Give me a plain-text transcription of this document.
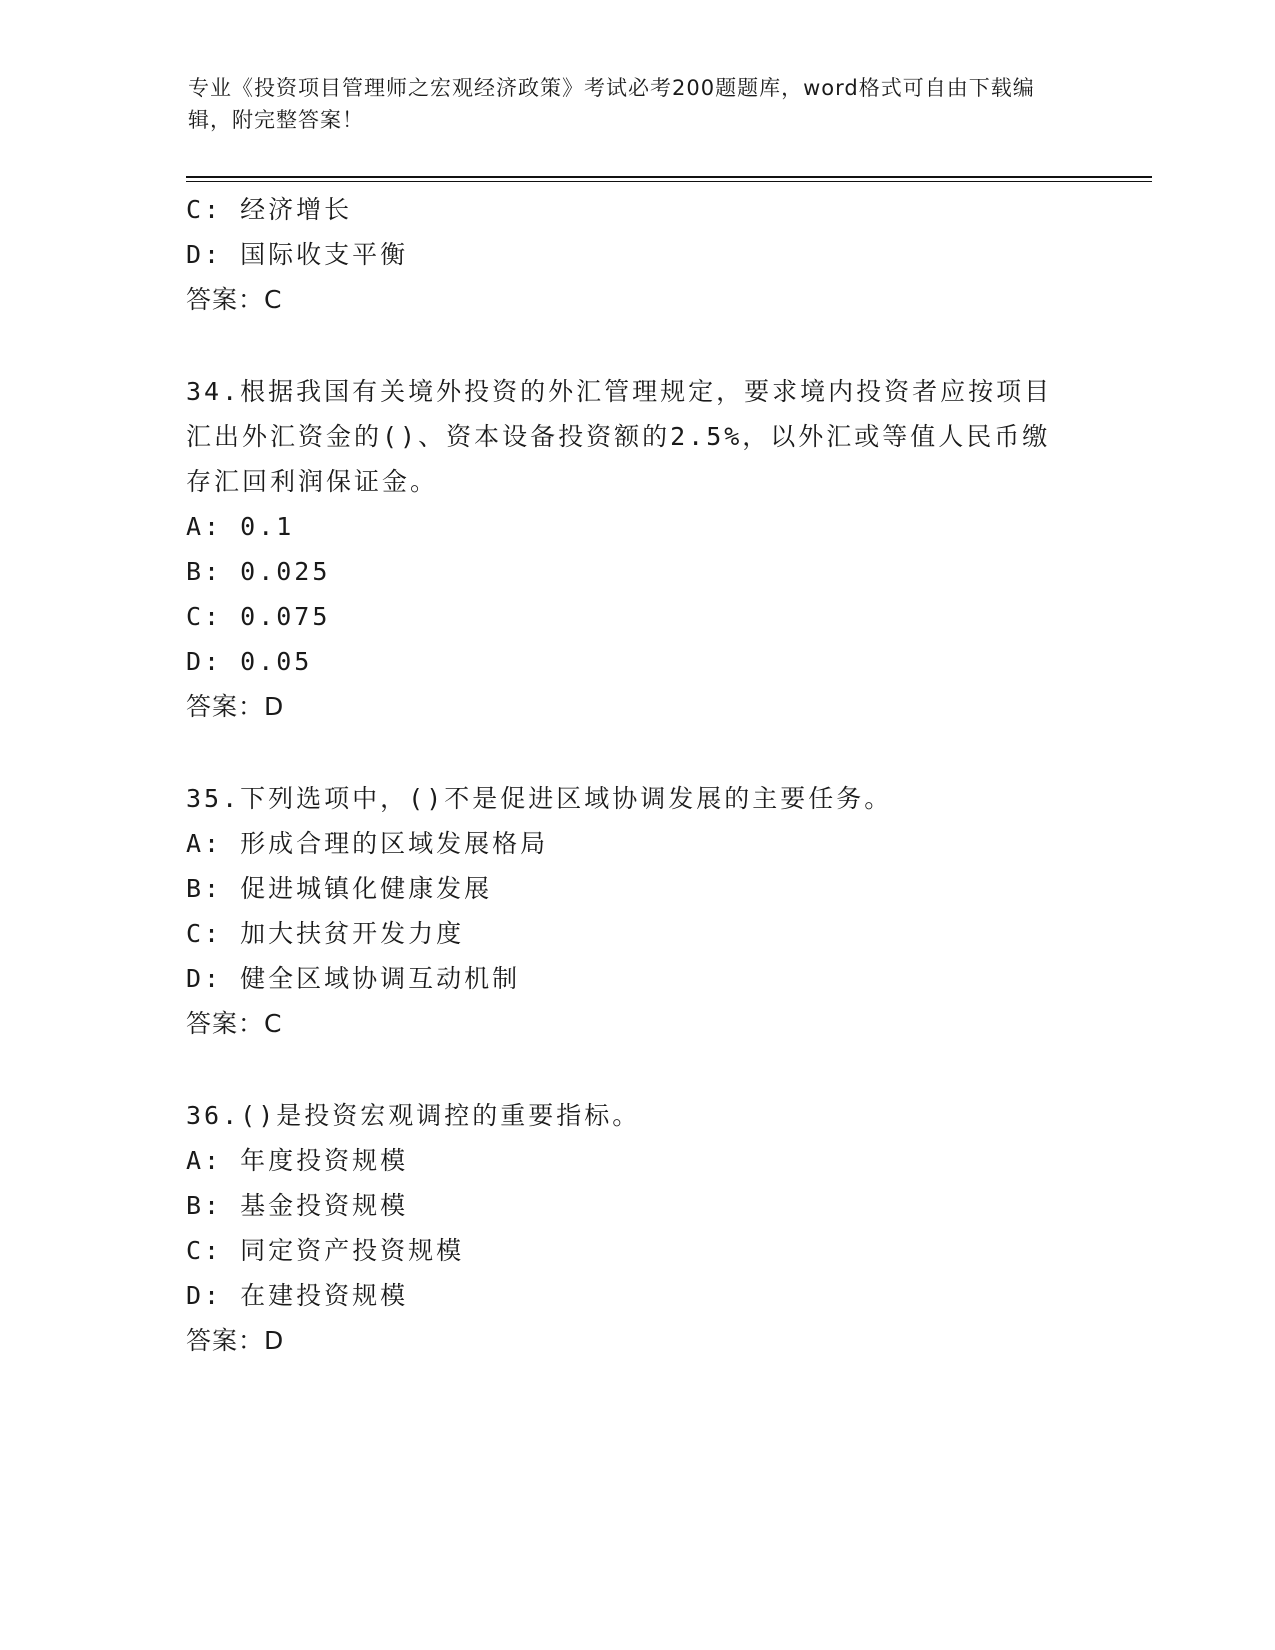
专业《投资项目管理师之宏观经济政策》考试必考200题题库，word格式可自由下载编辑，附完整答案！
C: 经济增长
D: 国际收支平衡
答案：C
34.根据我国有关境外投资的外汇管理规定，要求境内投资者应按项目汇出外汇资金的()、资本设备投资额的2.5%，以外汇或等值人民币缴存汇回利润保证金。
A: 0.1
B: 0.025
C: 0.075
D: 0.05
答案：D
35.下列选项中，()不是促进区域协调发展的主要任务。
A: 形成合理的区域发展格局
B: 促进城镇化健康发展
C: 加大扶贫开发力度
D: 健全区域协调互动机制
答案：C
36.()是投资宏观调控的重要指标。
A: 年度投资规模
B: 基金投资规模
C: 同定资产投资规模
D: 在建投资规模
答案：D
